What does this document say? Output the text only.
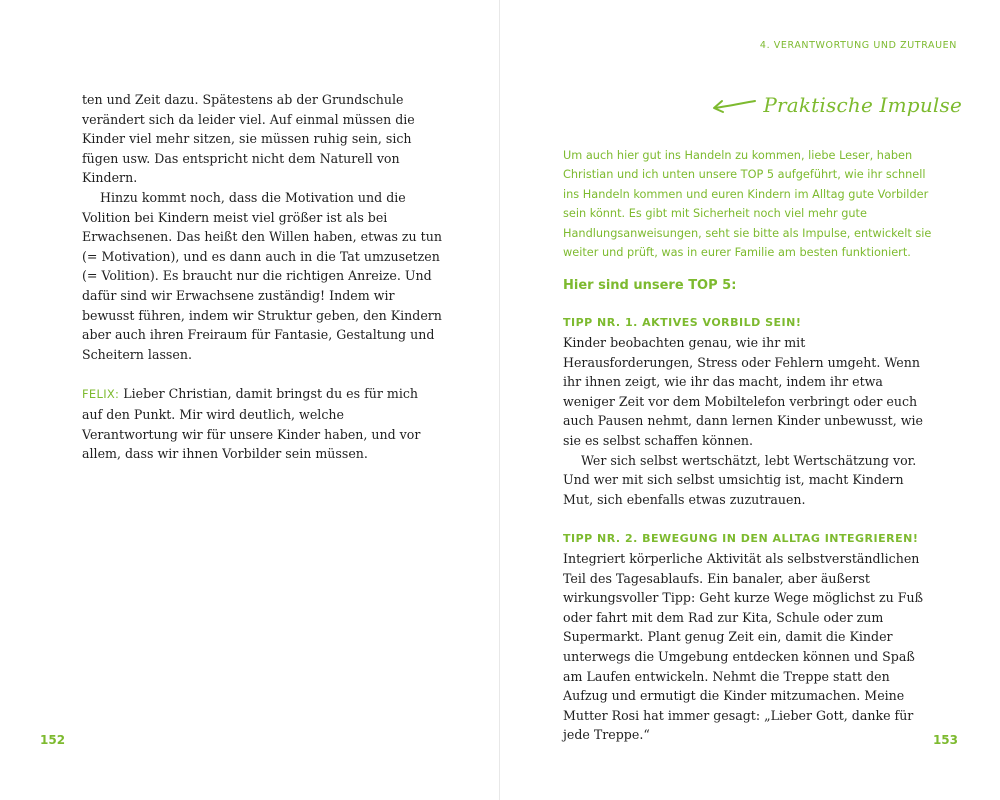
ten und Zeit dazu. Spätestens ab der Grundschule verändert sich da leider viel. Auf einmal müssen die Kinder viel mehr sitzen, sie müssen ruhig sein, sich fügen usw. Das entspricht nicht dem Naturell von Kindern.

Hinzu kommt noch, dass die Motivation und die Volition bei Kindern meist viel größer ist als bei Erwachsenen. Das heißt den Willen haben, etwas zu tun (= Motivation), und es dann auch in die Tat umzusetzen (= Volition). Es braucht nur die richtigen Anreize. Und dafür sind wir Erwachsene zuständig! Indem wir bewusst führen, indem wir Struktur geben, den Kindern aber auch ihren Freiraum für Fantasie, Gestaltung und Scheitern lassen.

FELIX: Lieber Christian, damit bringst du es für mich auf den Punkt. Mir wird deutlich, welche Verantwortung wir für unsere Kinder haben, und vor allem, dass wir ihnen Vorbilder sein müssen.

152
4. VERANTWORTUNG UND ZUTRAUEN
Praktische Impulse

Um auch hier gut ins Handeln zu kommen, liebe Leser, haben Christian und ich unten unsere TOP 5 aufgeführt, wie ihr schnell ins Handeln kommen und euren Kindern im Alltag gute Vorbilder sein könnt. Es gibt mit Sicherheit noch viel mehr gute Handlungsanweisungen, seht sie bitte als Impulse, entwickelt sie weiter und prüft, was in eurer Familie am besten funktioniert.

Hier sind unsere TOP 5:

TIPP NR. 1. AKTIVES VORBILD SEIN!

Kinder beobachten genau, wie ihr mit Herausforderungen, Stress oder Fehlern umgeht. Wenn ihr ihnen zeigt, wie ihr das macht, indem ihr etwa weniger Zeit vor dem Mobiltelefon verbringt oder euch auch Pausen nehmt, dann lernen Kinder unbewusst, wie sie es selbst schaffen können.

Wer sich selbst wertschätzt, lebt Wertschätzung vor. Und wer mit sich selbst umsichtig ist, macht Kindern Mut, sich ebenfalls etwas zuzutrauen.

TIPP NR. 2. BEWEGUNG IN DEN ALLTAG INTEGRIEREN!

Integriert körperliche Aktivität als selbstverständlichen Teil des Tagesablaufs. Ein banaler, aber äußerst wirkungsvoller Tipp: Geht kurze Wege möglichst zu Fuß oder fahrt mit dem Rad zur Kita, Schule oder zum Supermarkt. Plant genug Zeit ein, damit die Kinder unterwegs die Umgebung entdecken können und Spaß am Laufen entwickeln. Nehmt die Treppe statt den Aufzug und ermutigt die Kinder mitzumachen. Meine Mutter Rosi hat immer gesagt: „Lieber Gott, danke für jede Treppe.“	153
